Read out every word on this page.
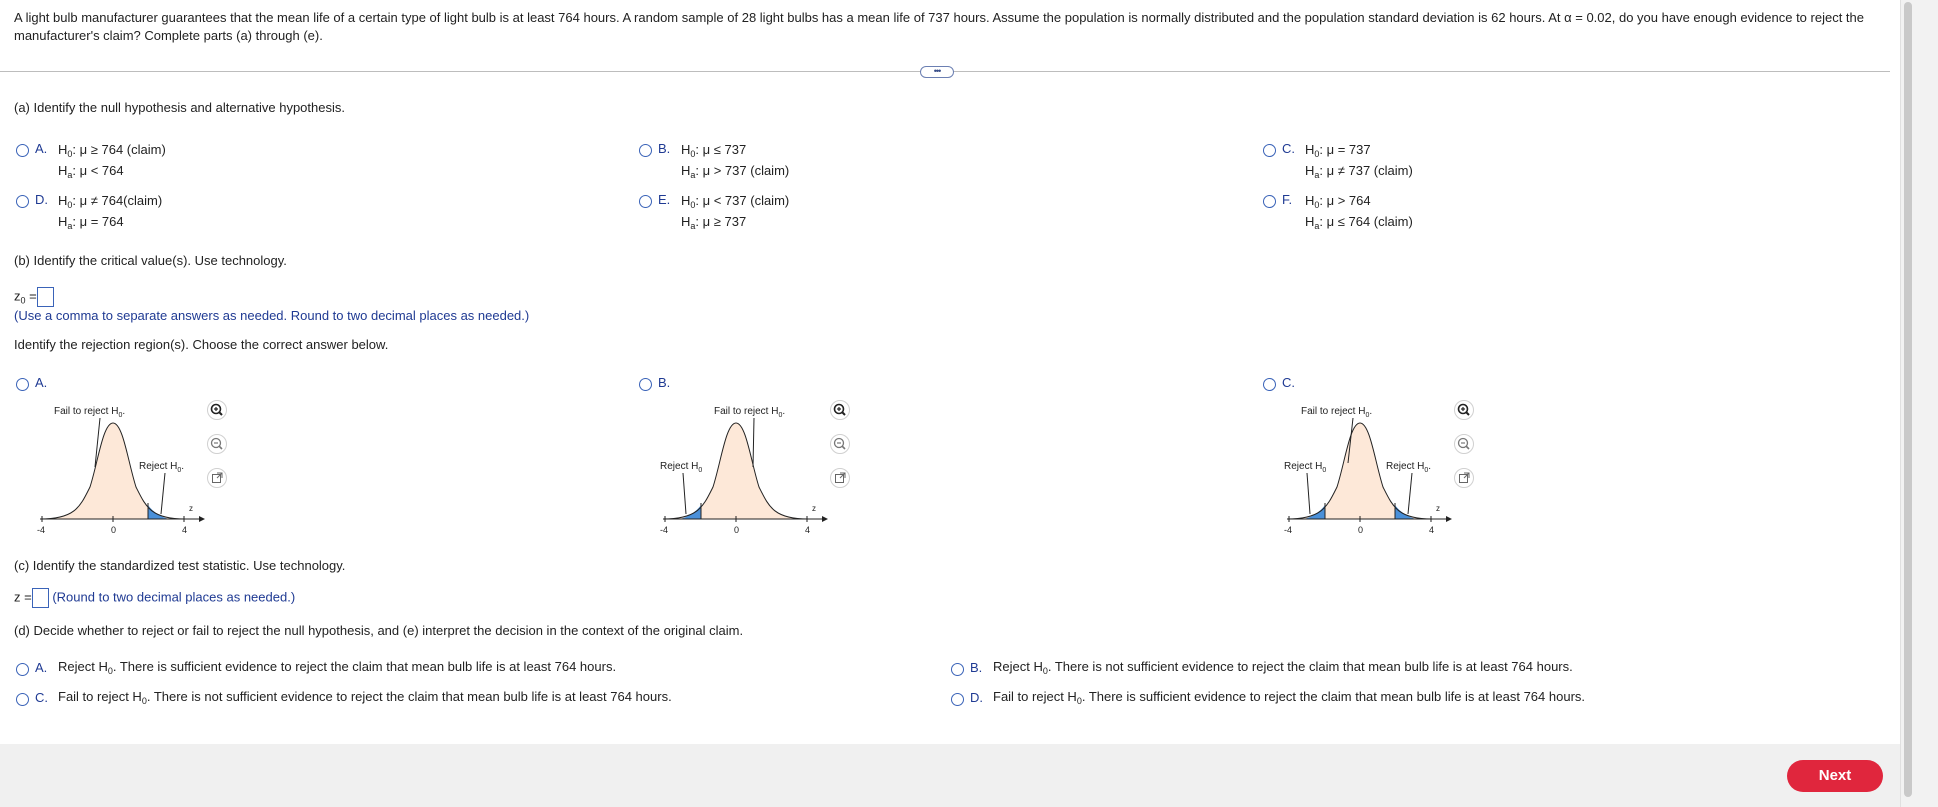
A light bulb manufacturer guarantees that the mean life of a certain type of light bulb is at least 764 hours. A random sample of 28 light bulbs has a mean life of 737 hours. Assume the population is normally distributed and the population standard deviation is 62 hours. At α = 0.02, do you have enough evidence to reject the manufacturer's claim? Complete parts (a) through (e).
•••
(a) Identify the null hypothesis and alternative hypothesis.
A. $H_0$: μ ≥ 764 (claim)
$H_a$: μ < 764
B. $H_0$: μ ≤ 737
$H_a$: μ > 737 (claim)
C. $H_0$: μ = 737
$H_a$: μ ≠ 737 (claim)
D. $H_0$: μ ≠ 764(claim)
$H_a$: μ = 764
E. $H_0$: μ < 737 (claim)
$H_a$: μ ≥ 737
F. $H_0$: μ > 764
$H_a$: μ ≤ 764 (claim)
(b) Identify the critical value(s). Use technology.
$z_0$ =
(Use a comma to separate answers as needed. Round to two decimal places as needed.)
Identify the rejection region(s). Choose the correct answer below.
A.
Fail to reject $H_0$.
Reject $H_0$.
z
-4	0	4
B.
Fail to reject $H_0$.
Reject $H_0$
z
-4	0	4
C.
Fail to reject $H_0$.
Reject $H_0$	Reject $H_0$.
z
-4	0	4
(c) Identify the standardized test statistic. Use technology.
z = (Round to two decimal places as needed.)
(d) Decide whether to reject or fail to reject the null hypothesis, and (e) interpret the decision in the context of the original claim.
A. Reject $H_0$. There is sufficient evidence to reject the claim that mean bulb life is at least 764 hours.	B. Reject $H_0$. There is not sufficient evidence to reject the claim that mean bulb life is at least 764 hours.
C. Fail to reject $H_0$. There is not sufficient evidence to reject the claim that mean bulb life is at least 764 hours.	D. Fail to reject $H_0$. There is sufficient evidence to reject the claim that mean bulb life is at least 764 hours.
Next
